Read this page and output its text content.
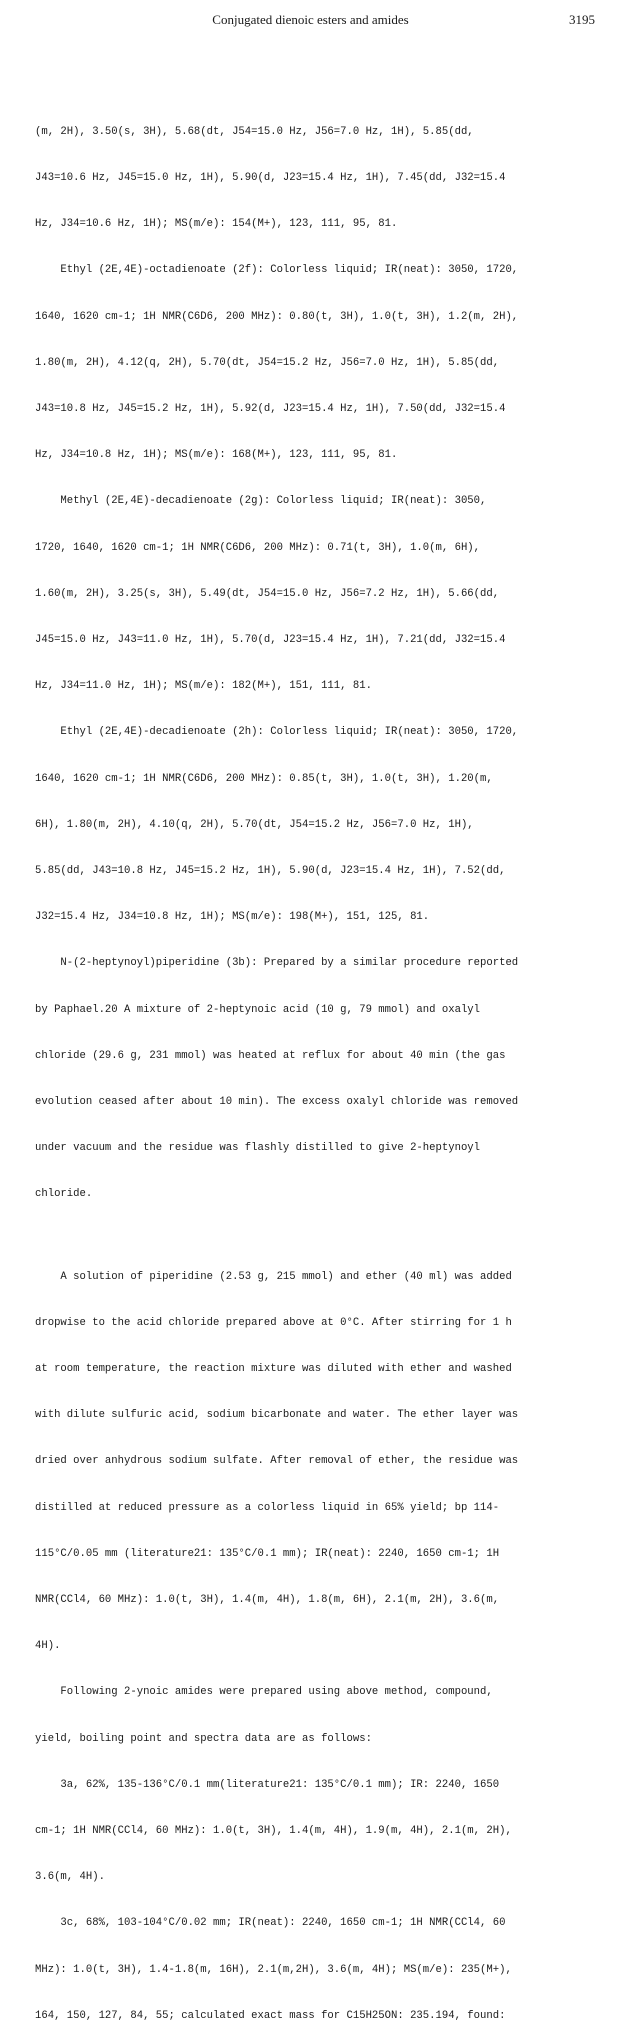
Conjugated dienoic esters and amides	3195

(m, 2H), 3.50(s, 3H), 5.68(dt, J54=15.0 Hz, J56=7.0 Hz, 1H), 5.85(dd,

J43=10.6 Hz, J45=15.0 Hz, 1H), 5.90(d, J23=15.4 Hz, 1H), 7.45(dd, J32=15.4

Hz, J34=10.6 Hz, 1H); MS(m/e): 154(M+), 123, 111, 95, 81.

Ethyl (2E,4E)-octadienoate (2f): Colorless liquid; IR(neat): 3050, 1720,

1640, 1620 cm-1; 1H NMR(C6D6, 200 MHz): 0.80(t, 3H), 1.0(t, 3H), 1.2(m, 2H),

1.80(m, 2H), 4.12(q, 2H), 5.70(dt, J54=15.2 Hz, J56=7.0 Hz, 1H), 5.85(dd,

J43=10.8 Hz, J45=15.2 Hz, 1H), 5.92(d, J23=15.4 Hz, 1H), 7.50(dd, J32=15.4

Hz, J34=10.8 Hz, 1H); MS(m/e): 168(M+), 123, 111, 95, 81.

Methyl (2E,4E)-decadienoate (2g): Colorless liquid; IR(neat): 3050,

1720, 1640, 1620 cm-1; 1H NMR(C6D6, 200 MHz): 0.71(t, 3H), 1.0(m, 6H),

1.60(m, 2H), 3.25(s, 3H), 5.49(dt, J54=15.0 Hz, J56=7.2 Hz, 1H), 5.66(dd,

J45=15.0 Hz, J43=11.0 Hz, 1H), 5.70(d, J23=15.4 Hz, 1H), 7.21(dd, J32=15.4

Hz, J34=11.0 Hz, 1H); MS(m/e): 182(M+), 151, 111, 81.

Ethyl (2E,4E)-decadienoate (2h): Colorless liquid; IR(neat): 3050, 1720,

1640, 1620 cm-1; 1H NMR(C6D6, 200 MHz): 0.85(t, 3H), 1.0(t, 3H), 1.20(m,

6H), 1.80(m, 2H), 4.10(q, 2H), 5.70(dt, J54=15.2 Hz, J56=7.0 Hz, 1H),

5.85(dd, J43=10.8 Hz, J45=15.2 Hz, 1H), 5.90(d, J23=15.4 Hz, 1H), 7.52(dd,

J32=15.4 Hz, J34=10.8 Hz, 1H); MS(m/e): 198(M+), 151, 125, 81.

N-(2-heptynoyl)piperidine (3b): Prepared by a similar procedure reported

by Paphael.20 A mixture of 2-heptynoic acid (10 g, 79 mmol) and oxalyl

chloride (29.6 g, 231 mmol) was heated at reflux for about 40 min (the gas

evolution ceased after about 10 min). The excess oxalyl chloride was removed

under vacuum and the residue was flashly distilled to give 2-heptynoyl

chloride.

A solution of piperidine (2.53 g, 215 mmol) and ether (40 ml) was added

dropwise to the acid chloride prepared above at 0°C. After stirring for 1 h

at room temperature, the reaction mixture was diluted with ether and washed

with dilute sulfuric acid, sodium bicarbonate and water. The ether layer was

dried over anhydrous sodium sulfate. After removal of ether, the residue was

distilled at reduced pressure as a colorless liquid in 65% yield; bp 114-

115°C/0.05 mm (literature21: 135°C/0.1 mm); IR(neat): 2240, 1650 cm-1; 1H

NMR(CCl4, 60 MHz): 1.0(t, 3H), 1.4(m, 4H), 1.8(m, 6H), 2.1(m, 2H), 3.6(m,

4H).

Following 2-ynoic amides were prepared using above method, compound,

yield, boiling point and spectra data are as follows:

3a, 62%, 135-136°C/0.1 mm(literature21: 135°C/0.1 mm); IR: 2240, 1650

cm-1; 1H NMR(CCl4, 60 MHz): 1.0(t, 3H), 1.4(m, 4H), 1.9(m, 4H), 2.1(m, 2H),

3.6(m, 4H).

3c, 68%, 103-104°C/0.02 mm; IR(neat): 2240, 1650 cm-1; 1H NMR(CCl4, 60

MHz): 1.0(t, 3H), 1.4-1.8(m, 16H), 2.1(m,2H), 3.6(m, 4H); MS(m/e): 235(M+),

164, 150, 127, 84, 55; calculated exact mass for C15H25ON: 235.194, found:
